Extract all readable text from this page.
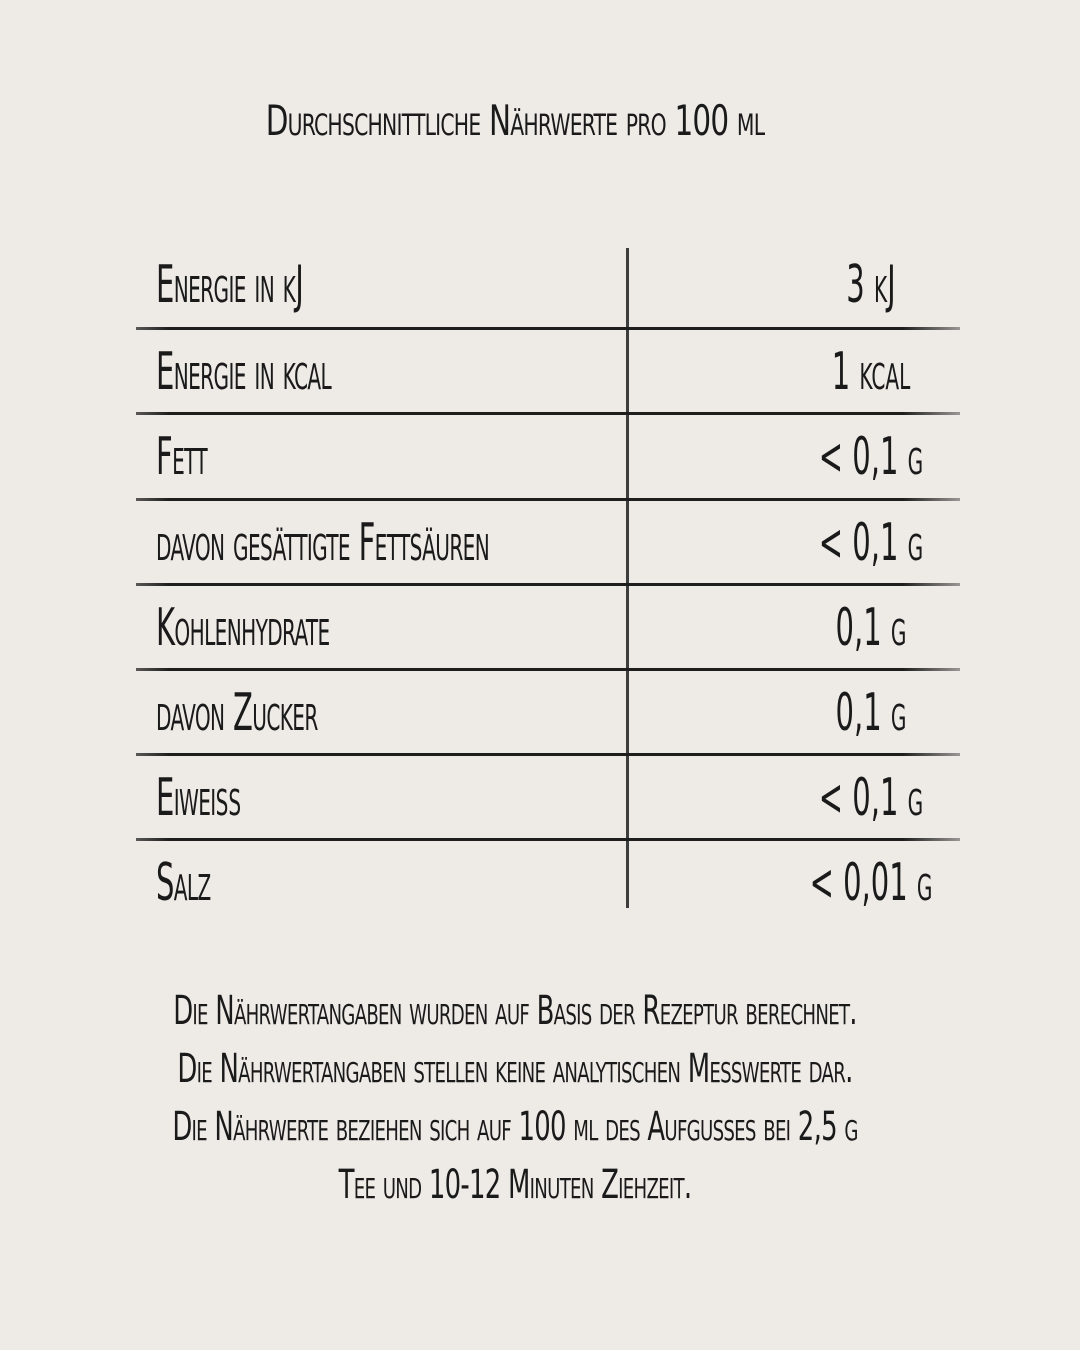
Durchschnittliche Nährwerte pro 100 ml
Energie in kJ	3 kJ
Energie in kcal	1 kcal
Fett	< 0,1 g
davon gesättigte Fettsäuren	< 0,1 g
Kohlenhydrate	0,1 g
davon Zucker	0,1 g
Eiweiß	< 0,1 g
Salz	< 0,01 g
Die Nährwertangaben wurden auf Basis der Rezeptur berechnet.
Die Nährwertangaben stellen keine analytischen Messwerte dar.
Die Nährwerte beziehen sich auf 100 ml des Aufgusses bei 2,5 g
Tee und 10-12 Minuten Ziehzeit.
